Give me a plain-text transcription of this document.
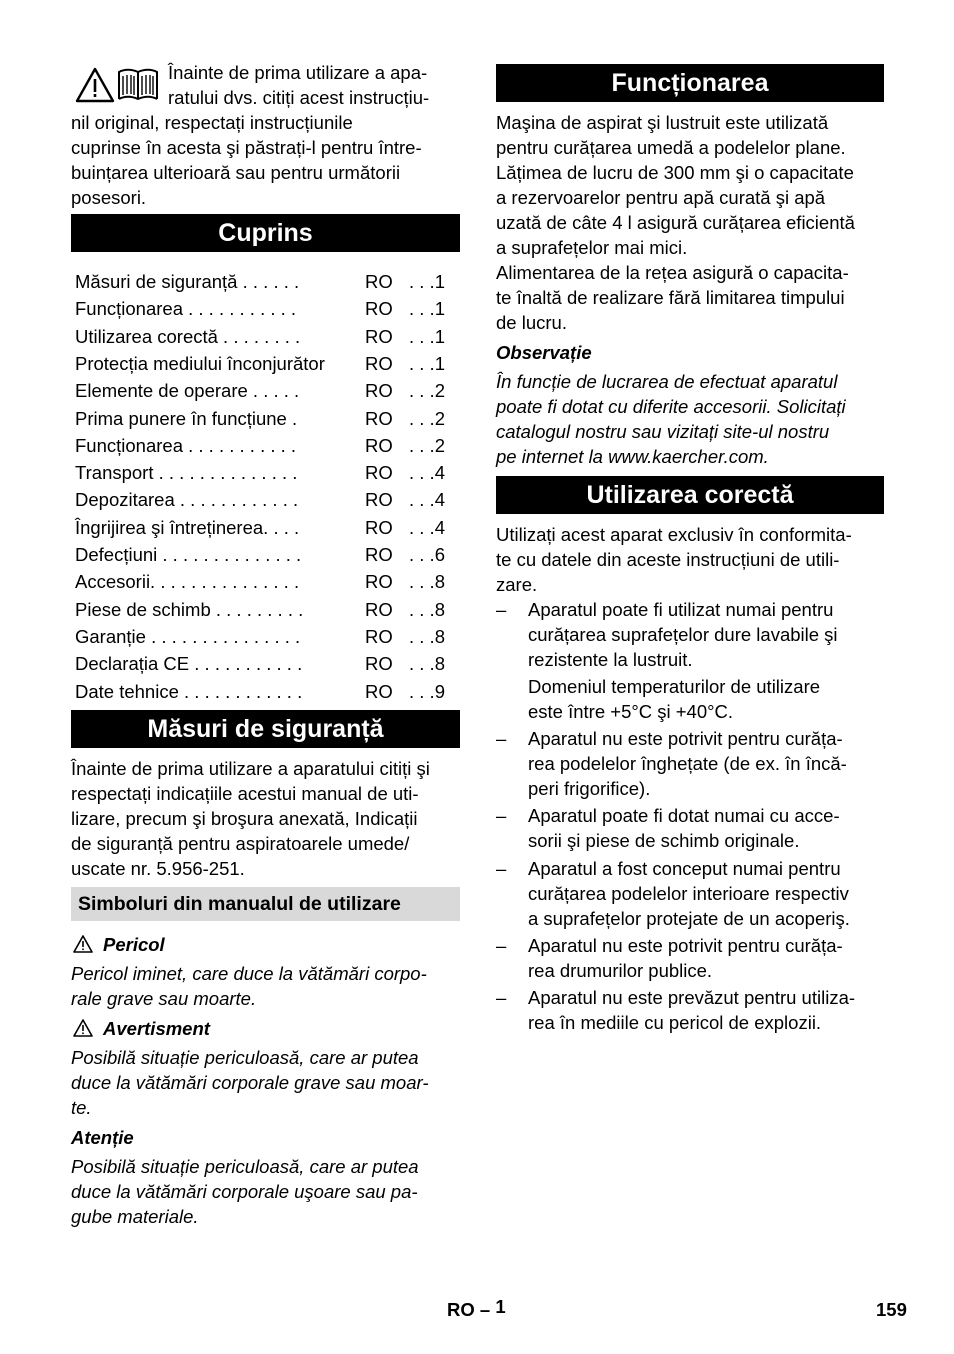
Înainte de prima utilizare a apa-

ratului dvs. citiți acest instrucțiu-

nil original, respectați instrucțiunile

cuprinse în acesta şi păstrați-l pentru între-

buințarea ulterioară sau pentru următorii

posesori.

Cuprins
Măsuri de siguranță . . . . . .	RO . . .1
Funcționarea . . . . . . . . . . .	RO . . .1
Utilizarea corectă . . . . . . . .	RO . . .1
Protecția mediului înconjurător RO . . .1
Elemente de operare . . . . .	RO . . .2
Prima punere în funcțiune .	RO . . .2
Funcționarea . . . . . . . . . . .	RO . . .2
Transport . . . . . . . . . . . . . .	RO . . .4
Depozitarea . . . . . . . . . . . .	RO . . .4
Îngrijirea şi întreținerea. . . .	RO . . .4
Defecțiuni . . . . . . . . . . . . . .	RO . . .6
Accesorii. . . . . . . . . . . . . . .	RO . . .8
Piese de schimb . . . . . . . . .	RO . . .8
Garanție . . . . . . . . . . . . . . .	RO . . .8
Declarația CE . . . . . . . . . . .	RO . . .8
Date tehnice . . . . . . . . . . . .	RO . . .9
Măsuri de siguranță

Înainte de prima utilizare a aparatului citiți şi

respectați indicațiile acestui manual de uti-

lizare, precum şi broşura anexată, Indicații

de siguranță pentru aspiratoarele umede/

uscate nr. 5.956-251.

Simboluri din manualul de utilizare
Pericol

Pericol iminet, care duce la vătămări corpo-

rale grave sau moarte.

Avertisment

Posibilă situație periculoasă, care ar putea

duce la vătămări corporale grave sau moar-

te.

Atenție

Posibilă situație periculoasă, care ar putea

duce la vătămări corporale uşoare sau pa-

gube materiale.

Funcționarea

Maşina de aspirat şi lustruit este utilizată

pentru curățarea umedă a podelelor plane.

Lățimea de lucru de 300 mm şi o capacitate

a rezervoarelor pentru apă curată şi apă

uzată de câte 4 l asigură curățarea eficientă

a suprafețelor mai mici.

Alimentarea de la rețea asigură o capacita-

te înaltă de realizare fără limitarea timpului

de lucru.

Observație

În funcție de lucrarea de efectuat aparatul

poate fi dotat cu diferite accesorii. Solicitați

catalogul nostru sau vizitați site-ul nostru

pe internet la www.kaercher.com.

Utilizarea corectă

Utilizați acest aparat exclusiv în conformita-

te cu datele din aceste instrucțiuni de utili-

zare.

– Aparatul poate fi utilizat numai pentru

curățarea suprafețelor dure lavabile şi

rezistente la lustruit.

Domeniul temperaturilor de utilizare

este între +5°C şi +40°C.

– Aparatul nu este potrivit pentru curăța-

rea podelelor înghețate (de ex. în încă-

peri frigorifice).

– Aparatul poate fi dotat numai cu acce-

sorii şi piese de schimb originale.

– Aparatul a fost conceput numai pentru

curățarea podelelor interioare respectiv

a suprafețelor protejate de un acoperiş.

– Aparatul nu este potrivit pentru curăța-

rea drumurilor publice.

– Aparatul nu este prevăzut pentru utiliza-

rea în mediile cu pericol de explozii.

RO – 1	159
